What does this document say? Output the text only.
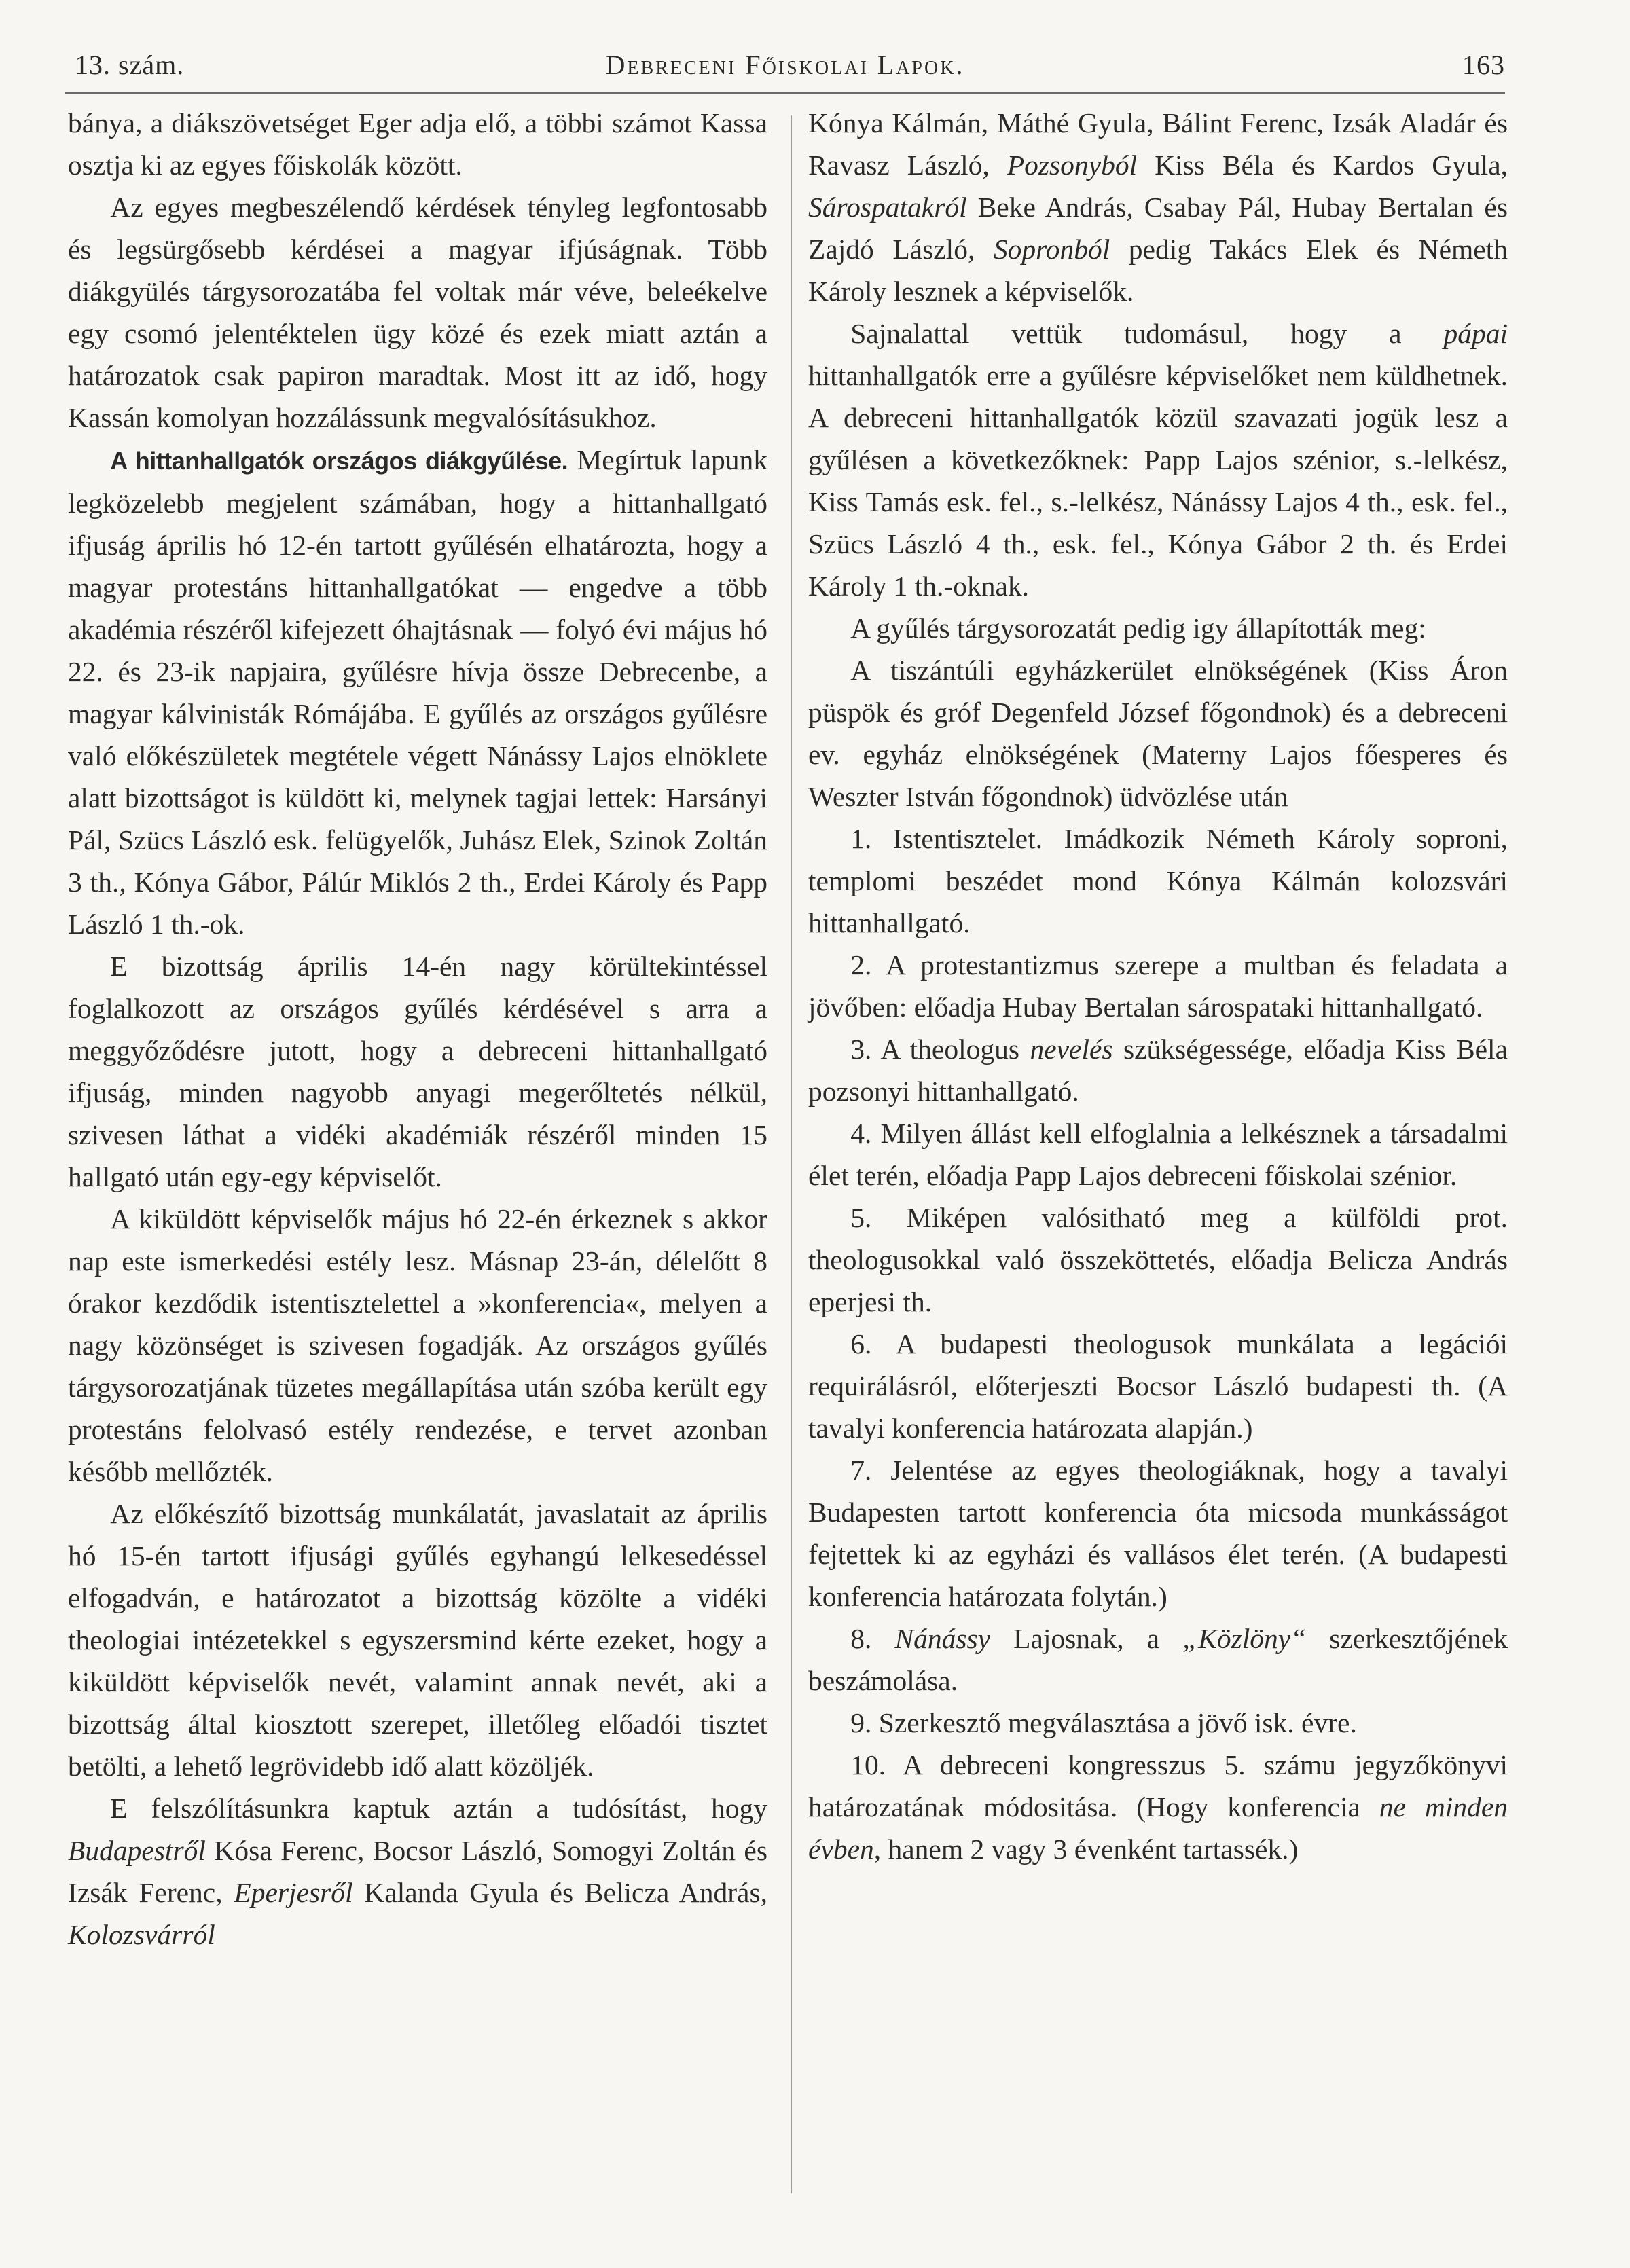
13. szám.	Debreceni Főiskolai Lapok.	163

bánya, a diákszövetséget Eger adja elő, a többi számot Kassa osztja ki az egyes főiskolák között.

Az egyes megbeszélendő kérdések tényleg legfontosabb és legsürgősebb kérdései a magyar ifjúságnak. Több diákgyülés tárgysorozatába fel voltak már véve, beleékelve egy csomó jelentéktelen ügy közé és ezek miatt aztán a határozatok csak papiron maradtak. Most itt az idő, hogy Kassán komolyan hozzálássunk megvalósításukhoz.

A hittanhallgatók országos diákgyűlése. Megírtuk lapunk legközelebb megjelent számában, hogy a hittanhallgató ifjuság április hó 12-én tartott gyűlésén elhatározta, hogy a magyar protestáns hittanhallgatókat — engedve a több akadémia részéről kifejezett óhajtásnak — folyó évi május hó 22. és 23-ik napjaira, gyűlésre hívja össze Debrecenbe, a magyar kálvinisták Rómájába. E gyűlés az országos gyűlésre való előkészületek megtétele végett Nánássy Lajos elnöklete alatt bizottságot is küldött ki, melynek tagjai lettek: Harsányi Pál, Szücs László esk. felügyelők, Juhász Elek, Szinok Zoltán 3 th., Kónya Gábor, Pálúr Miklós 2 th., Erdei Károly és Papp László 1 th.-ok.

E bizottság április 14-én nagy körültekintéssel foglalkozott az országos gyűlés kérdésével s arra a meggyőződésre jutott, hogy a debreceni hittanhallgató ifjuság, minden nagyobb anyagi megerőltetés nélkül, szivesen láthat a vidéki akadémiák részéről minden 15 hallgató után egy-egy képviselőt.

A kiküldött képviselők május hó 22-én érkeznek s akkor nap este ismerkedési estély lesz. Másnap 23-án, délelőtt 8 órakor kezdődik istentisztelettel a »konferencia«, melyen a nagy közönséget is szivesen fogadják. Az országos gyűlés tárgysorozatjának tüzetes megállapítása után szóba került egy protestáns felolvasó estély rendezése, e tervet azonban később mellőzték.

Az előkészítő bizottság munkálatát, javaslatait az április hó 15-én tartott ifjusági gyűlés egyhangú lelkesedéssel elfogadván, e határozatot a bizottság közölte a vidéki theologiai intézetekkel s egyszersmind kérte ezeket, hogy a kiküldött képviselők nevét, valamint annak nevét, aki a bizottság által kiosztott szerepet, illetőleg előadói tisztet betölti, a lehető legrövidebb idő alatt közöljék.

E felszólításunkra kaptuk aztán a tudósítást, hogy Budapestről Kósa Ferenc, Bocsor László, Somogyi Zoltán és Izsák Ferenc, Eperjesről Kalanda Gyula és Belicza András, Kolozsvárról

Kónya Kálmán, Máthé Gyula, Bálint Ferenc, Izsák Aladár és Ravasz László, Pozsonyból Kiss Béla és Kardos Gyula, Sárospatakról Beke András, Csabay Pál, Hubay Bertalan és Zajdó László, Sopronból pedig Takács Elek és Németh Károly lesznek a képviselők.

Sajnalattal vettük tudomásul, hogy a pápai hittanhallgatók erre a gyűlésre képviselőket nem küldhetnek. A debreceni hittanhallgatók közül szavazati jogük lesz a gyűlésen a következőknek: Papp Lajos szénior, s.-lelkész, Kiss Tamás esk. fel., s.-lelkész, Nánássy Lajos 4 th., esk. fel., Szücs László 4 th., esk. fel., Kónya Gábor 2 th. és Erdei Károly 1 th.-oknak.

A gyűlés tárgysorozatát pedig igy állapították meg:

A tiszántúli egyházkerület elnökségének (Kiss Áron püspök és gróf Degenfeld József főgondnok) és a debreceni ev. egyház elnökségének (Materny Lajos főesperes és Weszter István főgondnok) üdvözlése után

1. Istentisztelet. Imádkozik Németh Károly soproni, templomi beszédet mond Kónya Kálmán kolozsvári hittanhallgató.

2. A protestantizmus szerepe a multban és feladata a jövőben: előadja Hubay Bertalan sárospataki hittanhallgató.

3. A theologus nevelés szükségessége, előadja Kiss Béla pozsonyi hittanhallgató.

4. Milyen állást kell elfoglalnia a lelkésznek a társadalmi élet terén, előadja Papp Lajos debreceni főiskolai szénior.

5. Miképen valósitható meg a külföldi prot. theologusokkal való összeköttetés, előadja Belicza András eperjesi th.

6. A budapesti theologusok munkálata a legációi requirálásról, előterjeszti Bocsor László budapesti th. (A tavalyi konferencia határozata alapján.)

7. Jelentése az egyes theologiáknak, hogy a tavalyi Budapesten tartott konferencia óta micsoda munkásságot fejtettek ki az egyházi és vallásos élet terén. (A budapesti konferencia határozata folytán.)

8. Nánássy Lajosnak, a „Közlöny“ szerkesztőjének beszámolása.

9. Szerkesztő megválasztása a jövő isk. évre.

10. A debreceni kongresszus 5. számu jegyzőkönyvi határozatának módositása. (Hogy konferencia ne minden évben, hanem 2 vagy 3 évenként tartassék.)
